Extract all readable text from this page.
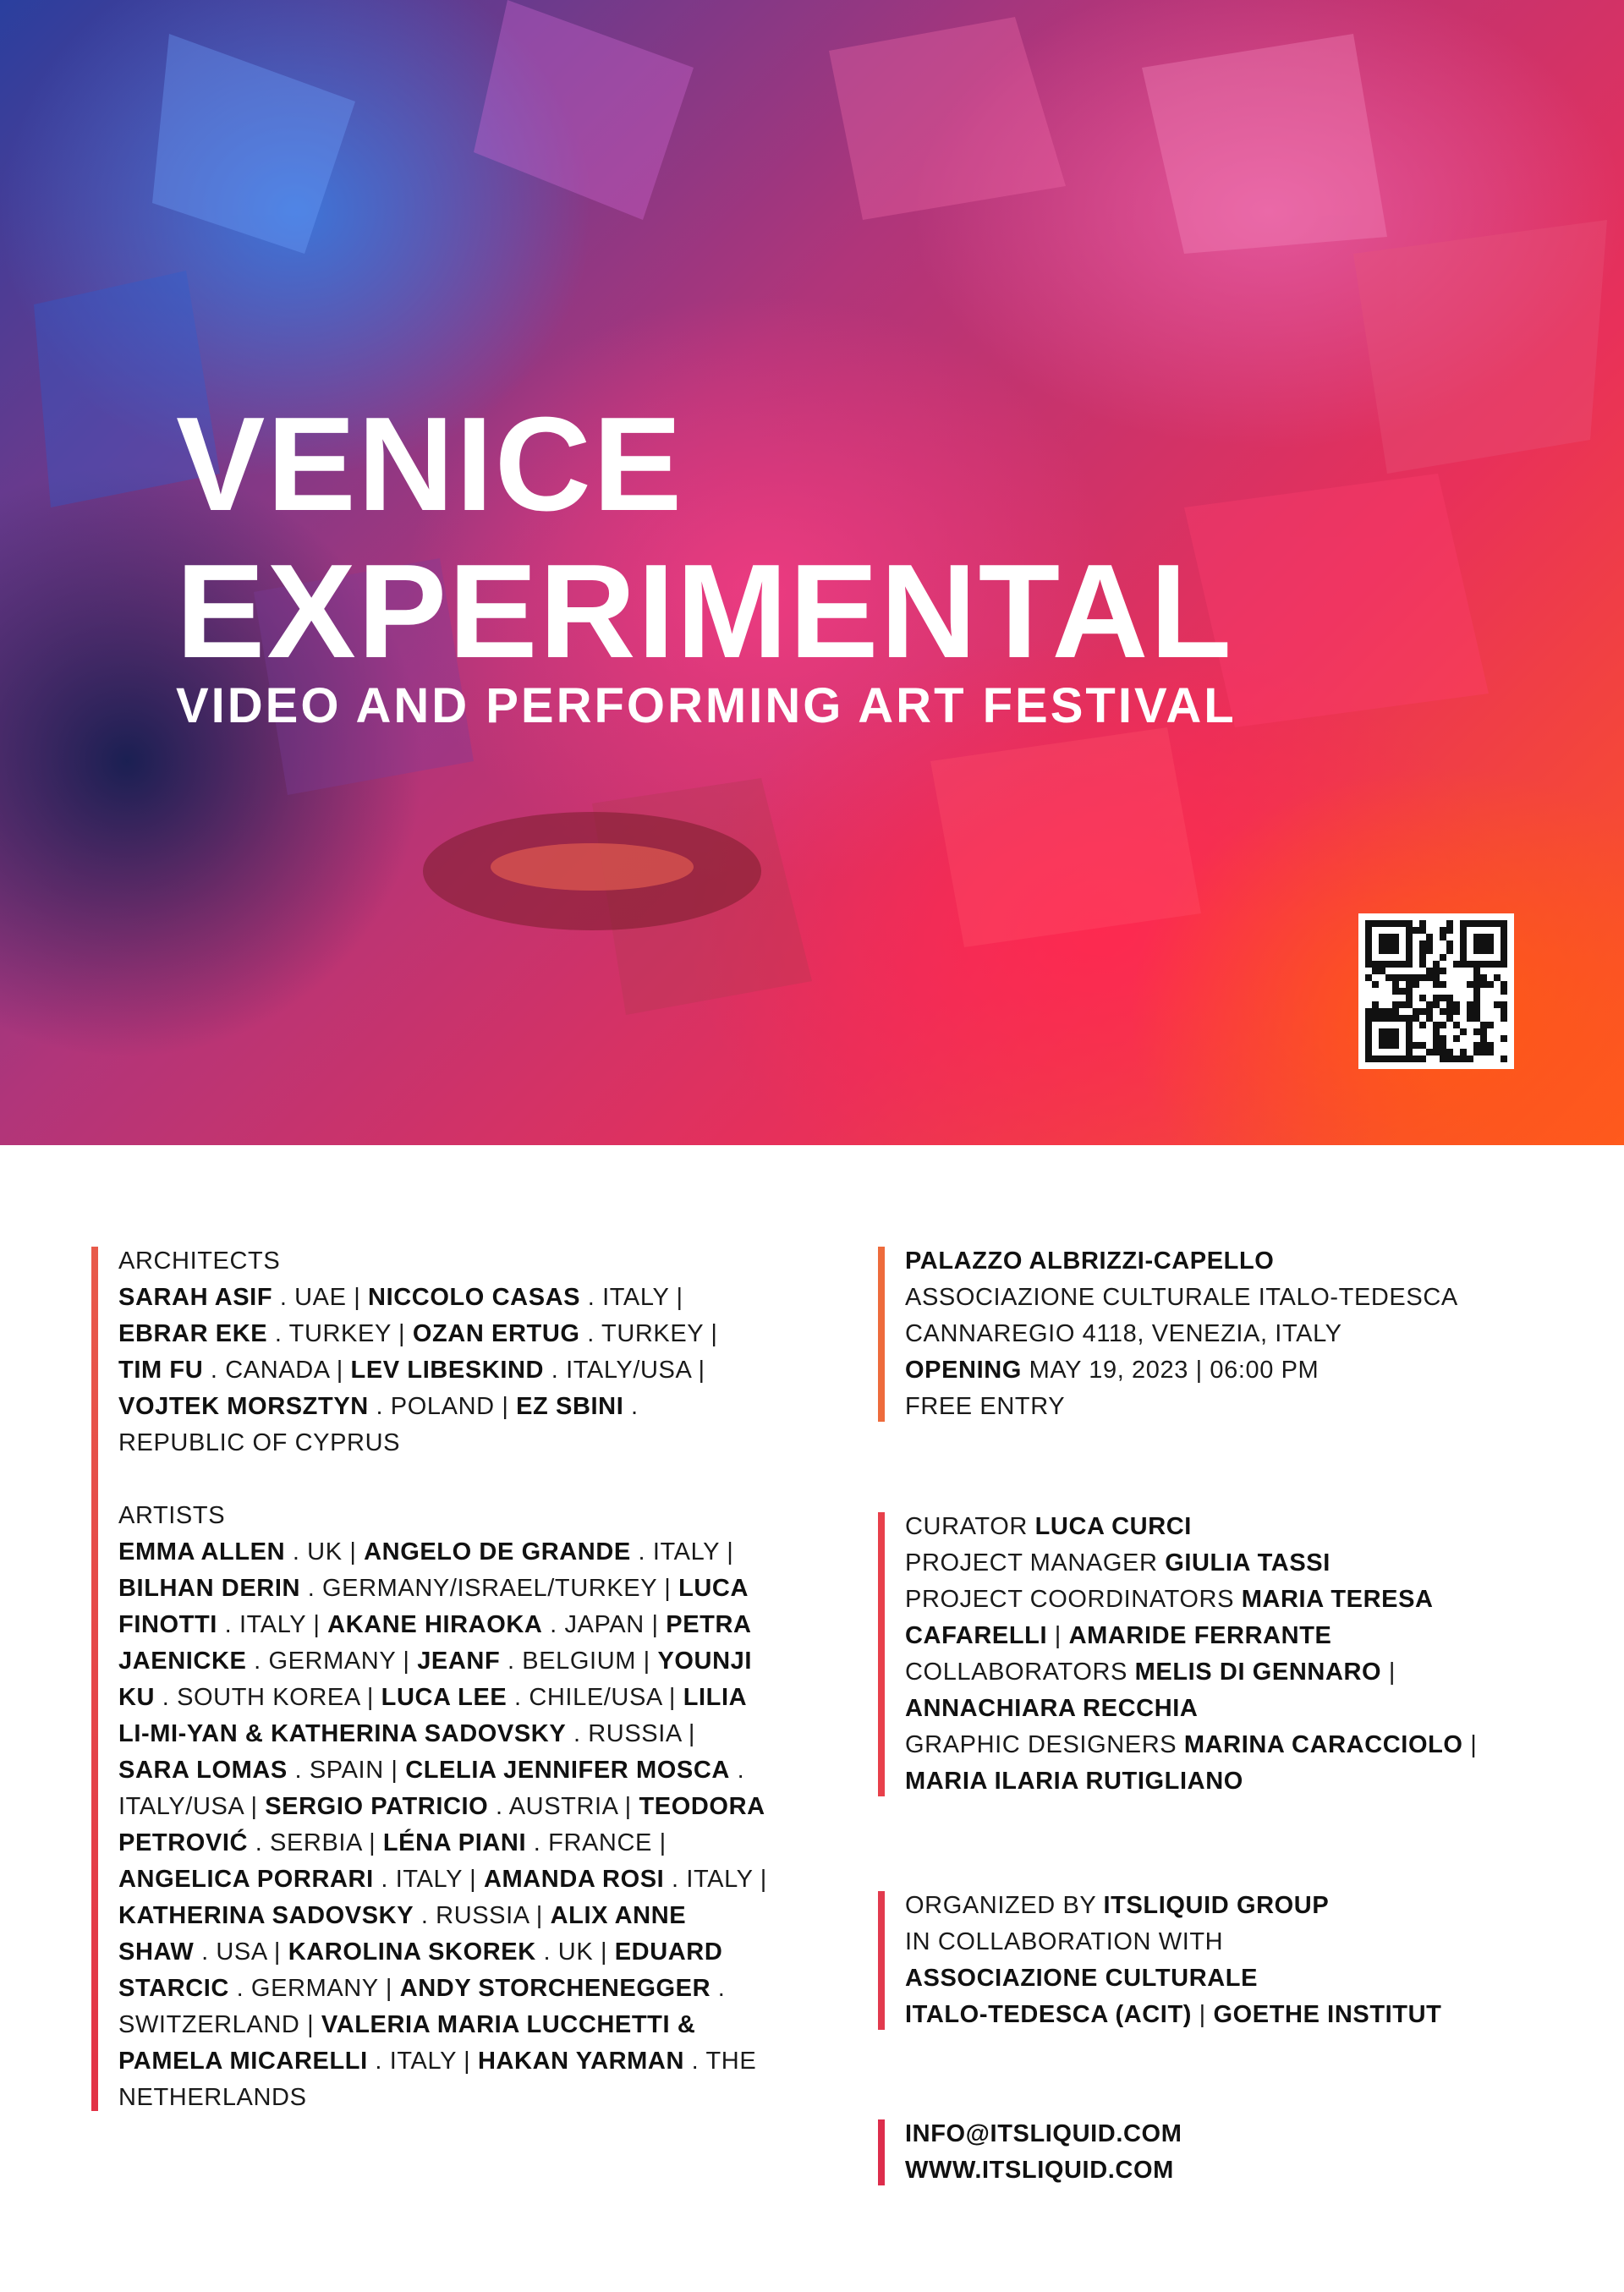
VENICE
EXPERIMENTAL
VIDEO AND PERFORMING ART FESTIVAL
ARCHITECTS
SARAH ASIF . UAE | NICCOLO CASAS . ITALY | EBRAR EKE . TURKEY | OZAN ERTUG . TURKEY | TIM FU . CANADA | LEV LIBESKIND . ITALY/USA | VOJTEK MORSZTYN . POLAND | EZ SBINI . REPUBLIC OF CYPRUS
ARTISTS
EMMA ALLEN . UK | ANGELO DE GRANDE . ITALY | BILHAN DERIN . GERMANY/ISRAEL/TURKEY | LUCA FINOTTI . ITALY | AKANE HIRAOKA . JAPAN | PETRA JAENICKE . GERMANY | JEANF . BELGIUM | YOUNJI KU . SOUTH KOREA | LUCA LEE . CHILE/USA | LILIA LI-MI-YAN & KATHERINA SADOVSKY . RUSSIA | SARA LOMAS . SPAIN | CLELIA JENNIFER MOSCA . ITALY/USA | SERGIO PATRICIO . AUSTRIA | TEODORA PETROVIĆ . SERBIA | LÉNA PIANI . FRANCE | ANGELICA PORRARI . ITALY | AMANDA ROSI . ITALY | KATHERINA SADOVSKY . RUSSIA | ALIX ANNE SHAW . USA | KAROLINA SKOREK . UK | EDUARD STARCIC . GERMANY | ANDY STORCHENEGGER . SWITZERLAND | VALERIA MARIA LUCCHETTI & PAMELA MICARELLI . ITALY | HAKAN YARMAN . THE NETHERLANDS
PALAZZO ALBRIZZI-CAPELLO
ASSOCIAZIONE CULTURALE ITALO-TEDESCA
CANNAREGIO 4118, VENEZIA, ITALY
OPENING MAY 19, 2023 | 06:00 PM
FREE ENTRY
CURATOR LUCA CURCI
PROJECT MANAGER GIULIA TASSI
PROJECT COORDINATORS MARIA TERESA
CAFARELLI | AMARIDE FERRANTE
COLLABORATORS MELIS DI GENNARO |
ANNACHIARA RECCHIA
GRAPHIC DESIGNERS MARINA CARACCIOLO |
MARIA ILARIA RUTIGLIANO
ORGANIZED BY ITSLIQUID GROUP
IN COLLABORATION WITH
ASSOCIAZIONE CULTURALE
ITALO-TEDESCA (ACIT) | GOETHE INSTITUT
INFO@ITSLIQUID.COM
WWW.ITSLIQUID.COM
